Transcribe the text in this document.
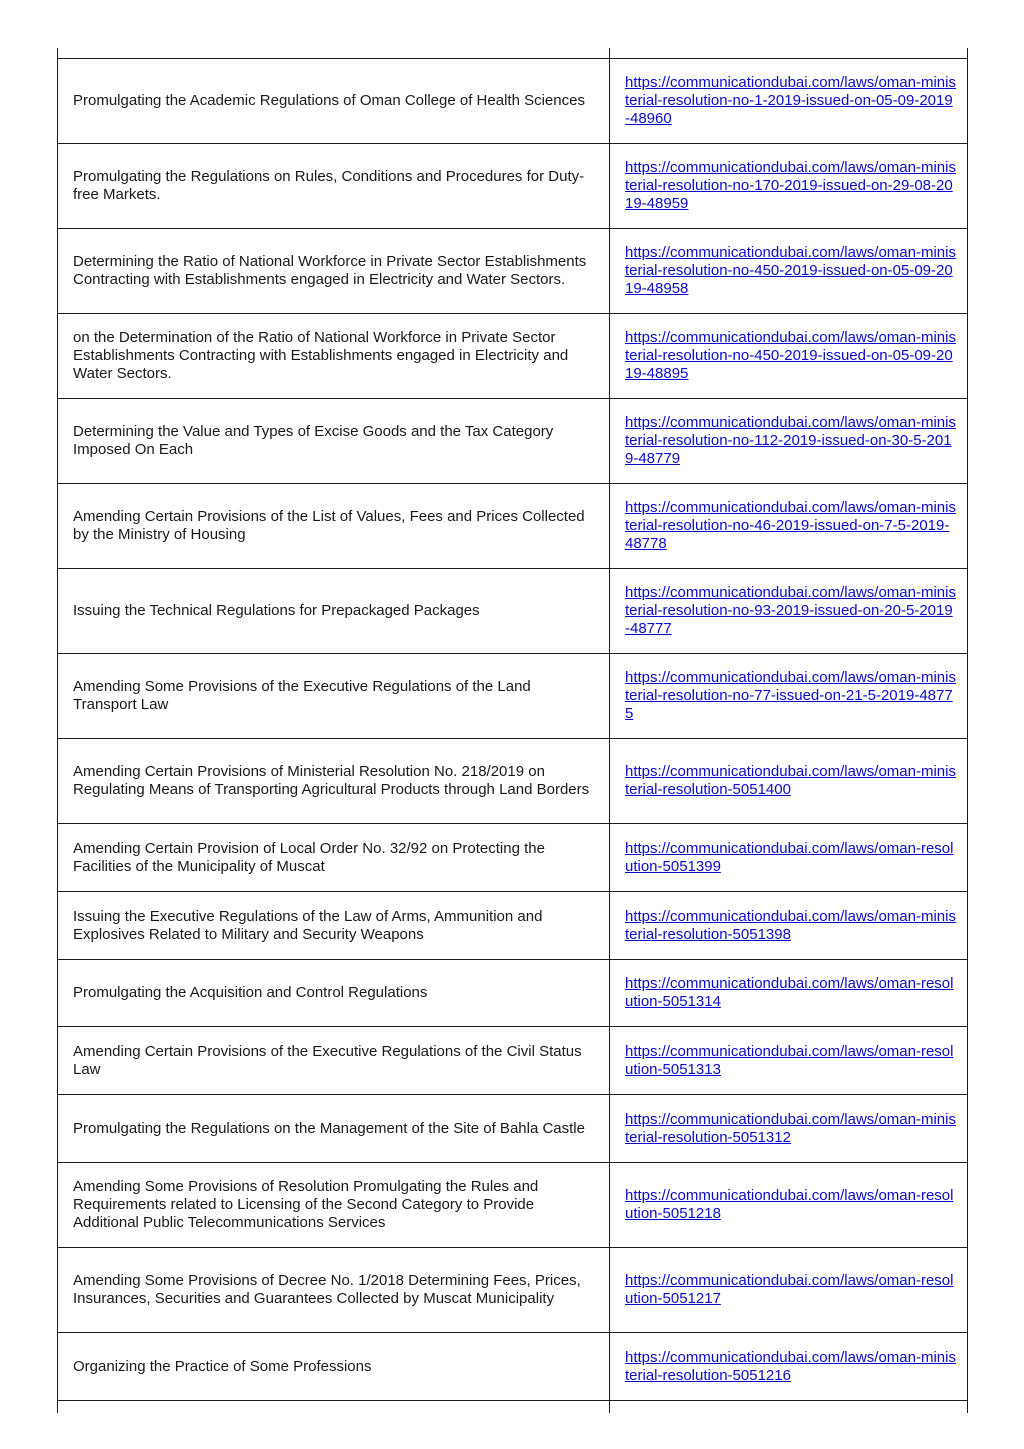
Promulgating the Academic Regulations of Oman College of Health Sciences	https://communicationdubai.com/laws/oman-ministerial-resolution-no-1-2019-issued-on-05-09-2019-48960
Promulgating the Regulations on Rules, Conditions and Procedures for Duty-free Markets.	https://communicationdubai.com/laws/oman-ministerial-resolution-no-170-2019-issued-on-29-08-2019-48959
Determining the Ratio of National Workforce in Private Sector Establishments Contracting with Establishments engaged in Electricity and Water Sectors.	https://communicationdubai.com/laws/oman-ministerial-resolution-no-450-2019-issued-on-05-09-2019-48958
on the Determination of the Ratio of National Workforce in Private Sector Establishments Contracting with Establishments engaged in Electricity and Water Sectors.	https://communicationdubai.com/laws/oman-ministerial-resolution-no-450-2019-issued-on-05-09-2019-48895
Determining the Value and Types of Excise Goods and the Tax Category Imposed On Each	https://communicationdubai.com/laws/oman-ministerial-resolution-no-112-2019-issued-on-30-5-2019-48779
Amending Certain Provisions of the List of Values, Fees and Prices Collected by the Ministry of Housing	https://communicationdubai.com/laws/oman-ministerial-resolution-no-46-2019-issued-on-7-5-2019-48778
Issuing the Technical Regulations for Prepackaged Packages	https://communicationdubai.com/laws/oman-ministerial-resolution-no-93-2019-issued-on-20-5-2019-48777
Amending Some Provisions of the Executive Regulations of the Land Transport Law	https://communicationdubai.com/laws/oman-ministerial-resolution-no-77-issued-on-21-5-2019-48775
Amending Certain Provisions of Ministerial Resolution No. 218/2019 on Regulating Means of Transporting Agricultural Products through Land Borders	https://communicationdubai.com/laws/oman-ministerial-resolution-5051400
Amending Certain Provision of Local Order No. 32/92 on Protecting the Facilities of the Municipality of Muscat	https://communicationdubai.com/laws/oman-resolution-5051399
Issuing the Executive Regulations of the Law of Arms, Ammunition and Explosives Related to Military and Security Weapons	https://communicationdubai.com/laws/oman-ministerial-resolution-5051398
Promulgating the Acquisition and Control Regulations	https://communicationdubai.com/laws/oman-resolution-5051314
Amending Certain Provisions of the Executive Regulations of the Civil Status Law	https://communicationdubai.com/laws/oman-resolution-5051313
Promulgating the Regulations on the Management of the Site of Bahla Castle	https://communicationdubai.com/laws/oman-ministerial-resolution-5051312
Amending Some Provisions of Resolution Promulgating the Rules and Requirements related to Licensing of the Second Category to Provide Additional Public Telecommunications Services	https://communicationdubai.com/laws/oman-resolution-5051218
Amending Some Provisions of Decree No. 1/2018 Determining Fees, Prices, Insurances, Securities and Guarantees Collected by Muscat Municipality	https://communicationdubai.com/laws/oman-resolution-5051217
Organizing the Practice of Some Professions	https://communicationdubai.com/laws/oman-ministerial-resolution-5051216
